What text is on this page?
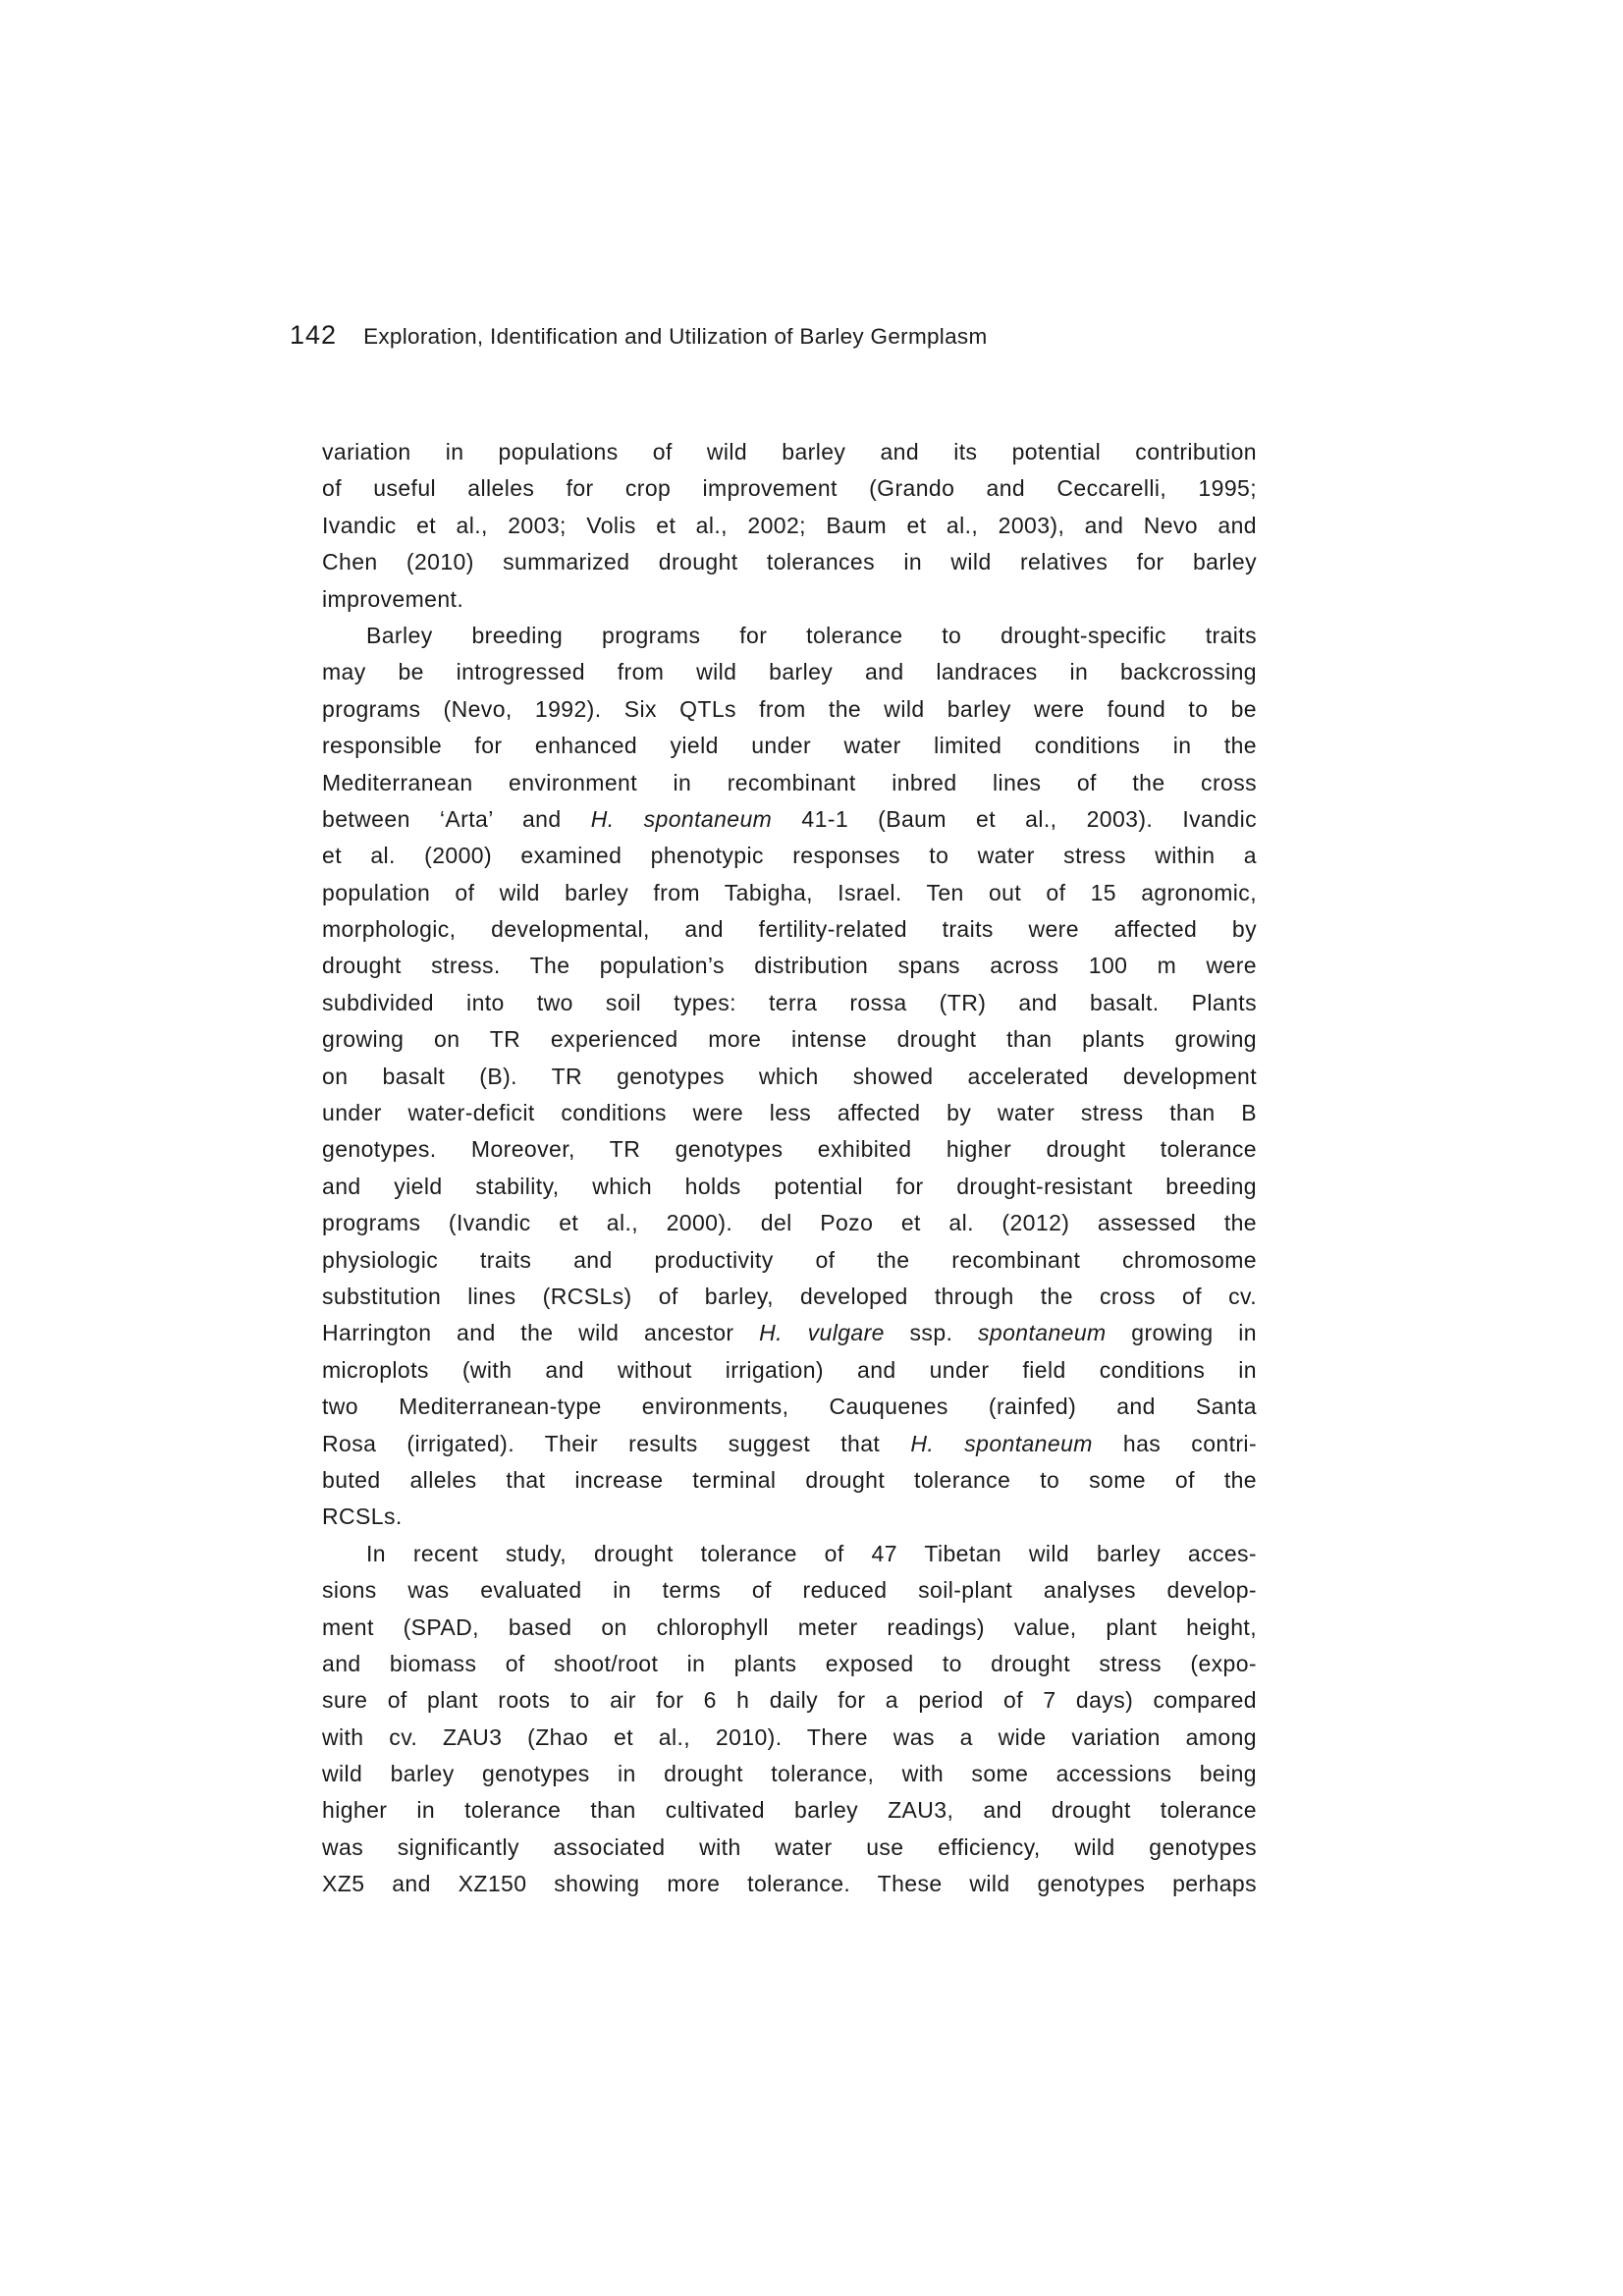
142 Exploration, Identification and Utilization of Barley Germplasm
variation in populations of wild barley and its potential contribution
of useful alleles for crop improvement (Grando and Ceccarelli, 1995;
Ivandic et al., 2003; Volis et al., 2002; Baum et al., 2003), and Nevo and
Chen (2010) summarized drought tolerances in wild relatives for barley
improvement.
Barley breeding programs for tolerance to drought-specific traits
may be introgressed from wild barley and landraces in backcrossing
programs (Nevo, 1992). Six QTLs from the wild barley were found to be
responsible for enhanced yield under water limited conditions in the
Mediterranean environment in recombinant inbred lines of the cross
between ‘Arta’ and H. spontaneum 41-1 (Baum et al., 2003). Ivandic
et al. (2000) examined phenotypic responses to water stress within a
population of wild barley from Tabigha, Israel. Ten out of 15 agronomic,
morphologic, developmental, and fertility-related traits were affected by
drought stress. The population’s distribution spans across 100 m were
subdivided into two soil types: terra rossa (TR) and basalt. Plants
growing on TR experienced more intense drought than plants growing
on basalt (B). TR genotypes which showed accelerated development
under water-deficit conditions were less affected by water stress than B
genotypes. Moreover, TR genotypes exhibited higher drought tolerance
and yield stability, which holds potential for drought-resistant breeding
programs (Ivandic et al., 2000). del Pozo et al. (2012) assessed the
physiologic traits and productivity of the recombinant chromosome
substitution lines (RCSLs) of barley, developed through the cross of cv.
Harrington and the wild ancestor H. vulgare ssp. spontaneum growing in
microplots (with and without irrigation) and under field conditions in
two Mediterranean-type environments, Cauquenes (rainfed) and Santa
Rosa (irrigated). Their results suggest that H. spontaneum has contri-
buted alleles that increase terminal drought tolerance to some of the
RCSLs.
In recent study, drought tolerance of 47 Tibetan wild barley acces-
sions was evaluated in terms of reduced soil-plant analyses develop-
ment (SPAD, based on chlorophyll meter readings) value, plant height,
and biomass of shoot/root in plants exposed to drought stress (expo-
sure of plant roots to air for 6 h daily for a period of 7 days) compared
with cv. ZAU3 (Zhao et al., 2010). There was a wide variation among
wild barley genotypes in drought tolerance, with some accessions being
higher in tolerance than cultivated barley ZAU3, and drought tolerance
was significantly associated with water use efficiency, wild genotypes
XZ5 and XZ150 showing more tolerance. These wild genotypes perhaps
